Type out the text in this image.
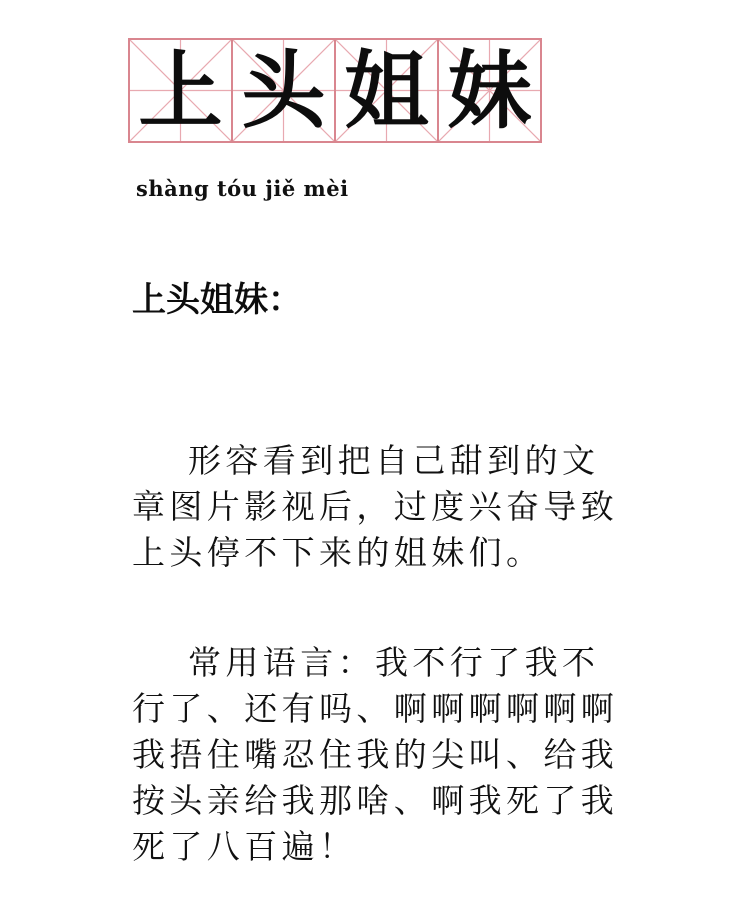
上 头 姐 妹
shàng tóu jiě mèi
上头姐妹：
形容看到把自己甜到的文
章图片影视后，过度兴奋导致
上头停不下来的姐妹们。
常用语言：我不行了我不
行了、还有吗、啊啊啊啊啊啊
我捂住嘴忍住我的尖叫、给我
按头亲给我那啥、啊我死了我
死了八百遍！
